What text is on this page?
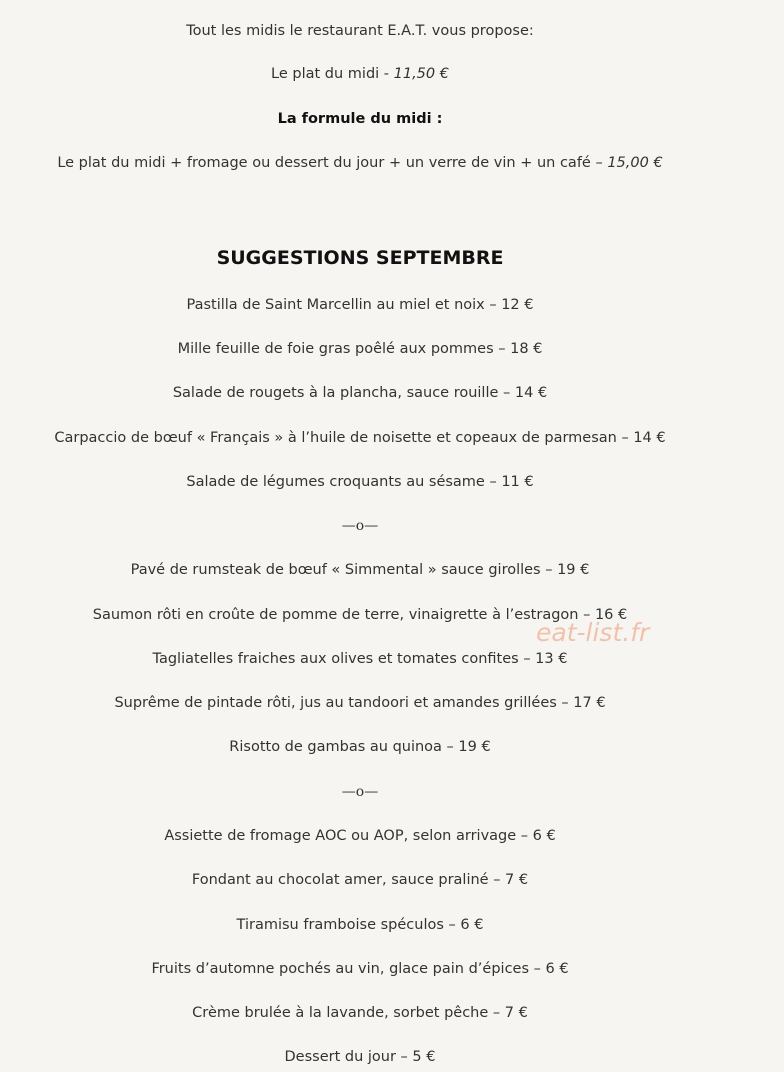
Tout les midis le restaurant E.A.T. vous propose:
Le plat du midi - 11,50 €
La formule du midi :
Le plat du midi + fromage ou dessert du jour + un verre de vin + un café – 15,00 €
SUGGESTIONS SEPTEMBRE
Pastilla de Saint Marcellin au miel et noix – 12 €
Mille feuille de foie gras poêlé aux pommes – 18 €
Salade de rougets à la plancha, sauce rouille – 14 €
Carpaccio de bœuf « Français » à l’huile de noisette et copeaux de parmesan – 14 €
Salade de légumes croquants au sésame – 11 €
—o—
Pavé de rumsteak de bœuf « Simmental » sauce girolles – 19 €
Saumon rôti en croûte de pomme de terre, vinaigrette à l’estragon – 16 €
Tagliatelles fraiches aux olives et tomates confites – 13 €
Suprême de pintade rôti, jus au tandoori et amandes grillées – 17 €
Risotto de gambas au quinoa – 19 €
—o—
Assiette de fromage AOC ou AOP, selon arrivage – 6 €
Fondant au chocolat amer, sauce praliné – 7 €
Tiramisu framboise spéculos – 6 €
Fruits d’automne pochés au vin, glace pain d’épices – 6 €
Crème brulée à la lavande, sorbet pêche – 7 €
Dessert du jour – 5 €
eat-list.fr
